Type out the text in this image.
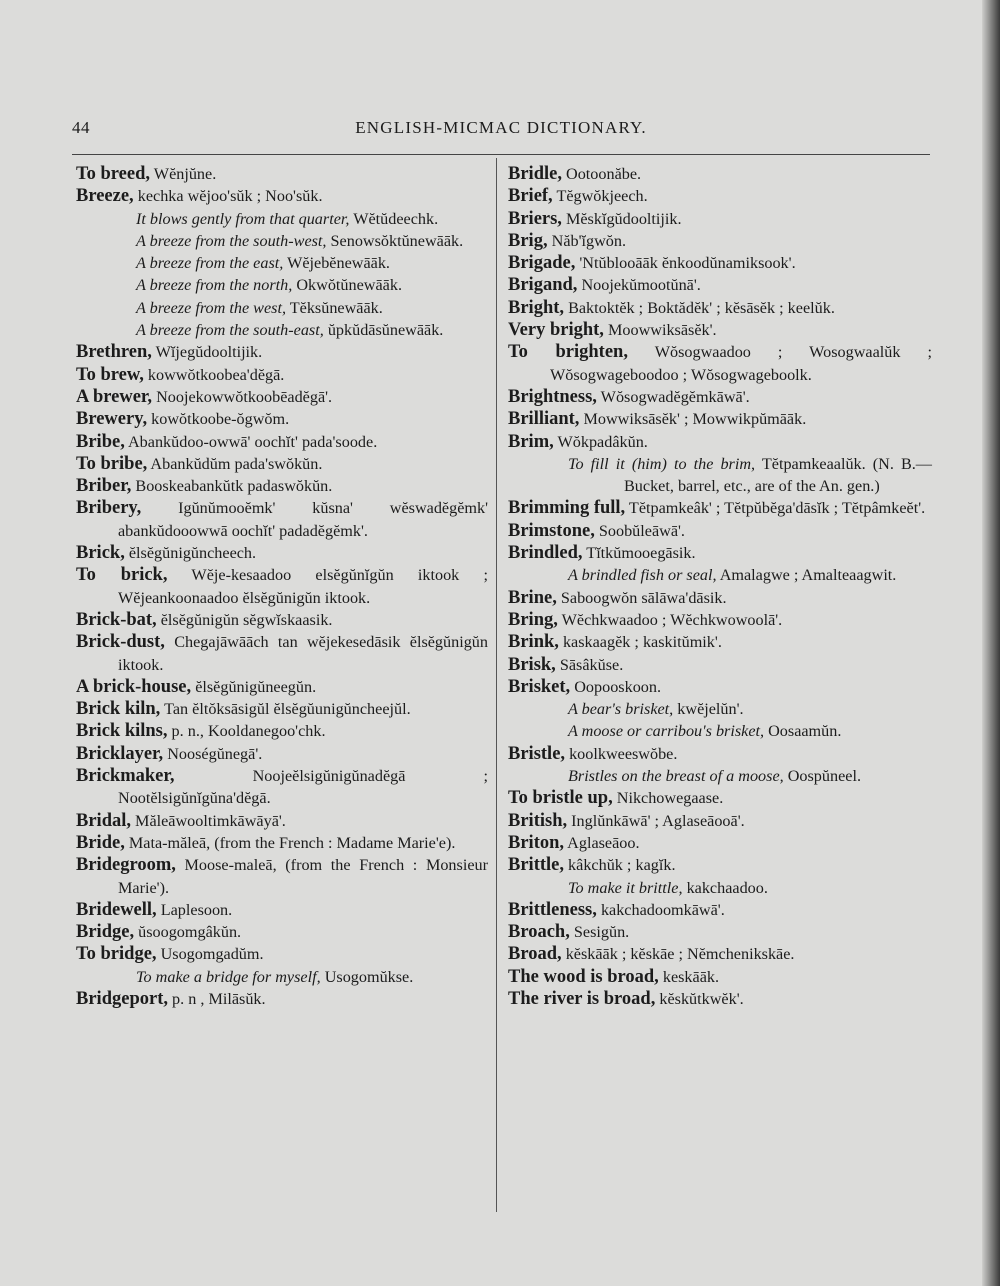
44	ENGLISH-MICMAC DICTIONARY.

To breed, Wĕnjŭne.

Breeze, kechka wĕjoo'sŭk ; Noo'sŭk.

It blows gently from that quarter, Wĕtŭdeechk.

A breeze from the south-west, Senowsŏktŭnewāāk.

A breeze from the east, Wĕjebĕnewāāk.

A breeze from the north, Okwŏtŭnewāāk.

A breeze from the west, Tĕksŭnewāāk.

A breeze from the south-east, ŭpkŭdāsŭnewāāk.

Brethren, Wĭjegŭdooltijik.

To brew, kowwŏtkoobea'dĕgā.

A brewer, Noojekowwŏtkoobēadĕgā'.

Brewery, kowŏtkoobe-ŏgwŏm.

Bribe, Abankŭdoo-owwā' oochĭt' pada'soode.

To bribe, Abankŭdŭm pada'swŏkŭn.

Briber, Booskeabankŭtk padaswŏkŭn.

Bribery, Igŭnŭmooĕmk' kŭsna' wĕswadĕgĕmk' abankŭdooowwā oochĭt' padadĕgĕmk'.

Brick, ĕlsĕgŭnigŭncheech.

To brick, Wĕje-kesaadoo elsĕgŭnĭgŭn iktook ; Wĕjeankoonaadoo ĕlsĕgŭnigŭn iktook.

Brick-bat, ĕlsĕgŭnigŭn sĕgwĭskaasik.

Brick-dust, Chegajāwāāch tan wĕjekesedāsik ĕlsĕgŭnigŭn iktook.

A brick-house, ĕlsĕgŭnigŭneegŭn.

Brick kiln, Tan ĕltŏksāsigŭl ĕlsĕgŭunigŭncheejŭl.

Brick kilns, p. n., Kooldanegoo'chk.

Bricklayer, Nooségŭnegā'.

Brickmaker, Noojeĕlsigŭnigŭnadĕgā ; Nootĕlsigŭnĭgŭna'dĕgā.

Bridal, Măleāwooltimkāwāyā'.

Bride, Mata-măleā, (from the French : Madame Marie'e).

Bridegroom, Moose-maleā, (from the French : Monsieur Marie').

Bridewell, Laplesoon.

Bridge, ŭsoogomgâkŭn.

To bridge, Usogomgadŭm.

To make a bridge for myself, Usogomŭkse.

Bridgeport, p. n , Milāsŭk.

Bridle, Ootoonăbe.

Brief, Tĕgwŏkjeech.

Briers, Mĕskĭgŭdooltijik.

Brig, Năb'ĭgwŏn.

Brigade, 'Ntŭblooāāk ĕnkoodŭnamiksook'.

Brigand, Noojekŭmootŭnā'.

Bright, Baktoktĕk ; Boktădĕk' ; kĕsāsĕk ; keelŭk.

Very bright, Moowwiksāsĕk'.

To brighten, Wŏsogwaadoo ; Wosogwaalŭk ; Wŏsogwageboodoo ; Wŏsogwageboolk.

Brightness, Wŏsogwadĕgĕmkāwā'.

Brilliant, Mowwiksāsĕk' ; Mowwikpŭmāāk.

Brim, Wŏkpadâkŭn.

To fill it (him) to the brim, Tĕtpamkeaalŭk. (N. B.—Bucket, barrel, etc., are of the An. gen.)

Brimming full, Tĕtpamkeâk' ; Tĕtpŭbĕga'dāsĭk ; Tĕtpâmkeĕt'.

Brimstone, Soobŭleāwā'.

Brindled, Tĭtkŭmooegāsik.

A brindled fish or seal, Amalagwe ; Amalteaagwit.

Brine, Saboogwŏn sālāwa'dāsik.

Bring, Wĕchkwaadoo ; Wĕchkwowoolā'.

Brink, kaskaagĕk ; kaskitŭmik'.

Brisk, Sāsâkŭse.

Brisket, Oopooskoon.

A bear's brisket, kwĕjelŭn'.

A moose or carribou's brisket, Oosaamŭn.

Bristle, koolkweeswŏbe.

Bristles on the breast of a moose, Oospŭneel.

To bristle up, Nikchowegaase.

British, Inglŭnkāwā' ; Aglaseāooā'.

Briton, Aglaseāoo.

Brittle, kâkchŭk ; kagĭk.

To make it brittle, kakchaadoo.

Brittleness, kakchadoomkāwā'.

Broach, Sesigŭn.

Broad, kĕskāāk ; kĕskāe ; Nĕmchenikskāe.

The wood is broad, keskāāk.

The river is broad, kĕskŭtkwĕk'.
